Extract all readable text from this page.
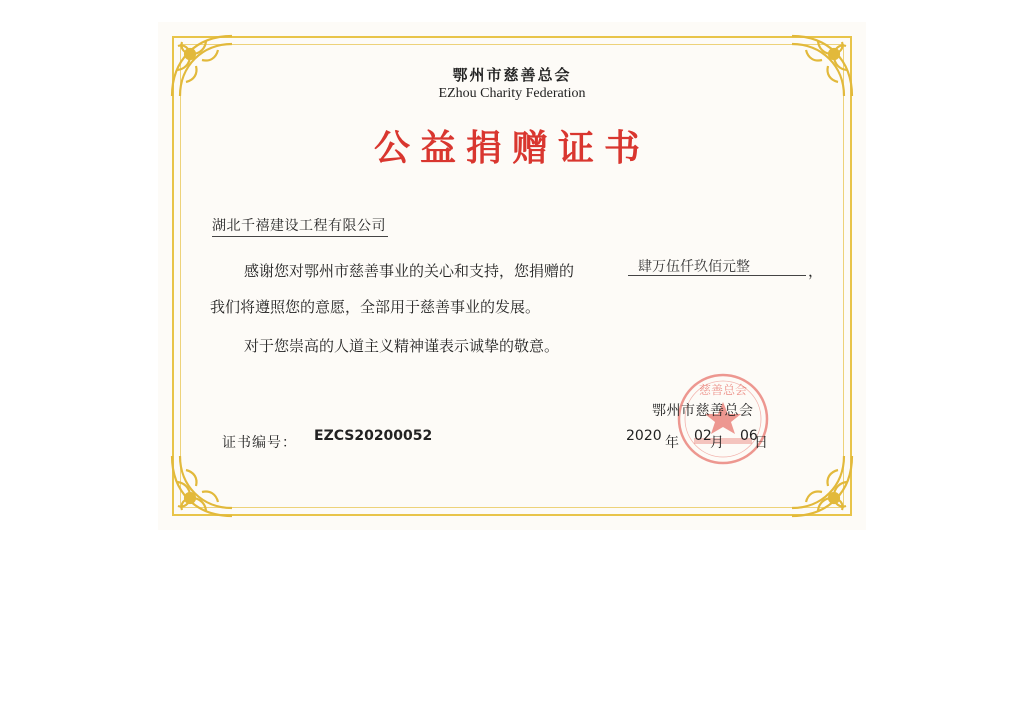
鄂州市慈善总会
EZhou Charity Federation
公益捐赠证书
湖北千禧建设工程有限公司
感谢您对鄂州市慈善事业的关心和支持，您捐赠的	肆万伍仟玖佰元整	，
我们将遵照您的意愿，全部用于慈善事业的发展。
对于您崇高的人道主义精神谨表示诚挚的敬意。
慈善总会
鄂州市慈善总会
证书编号： EZCS20200052	2020 年 02
月 06
日
